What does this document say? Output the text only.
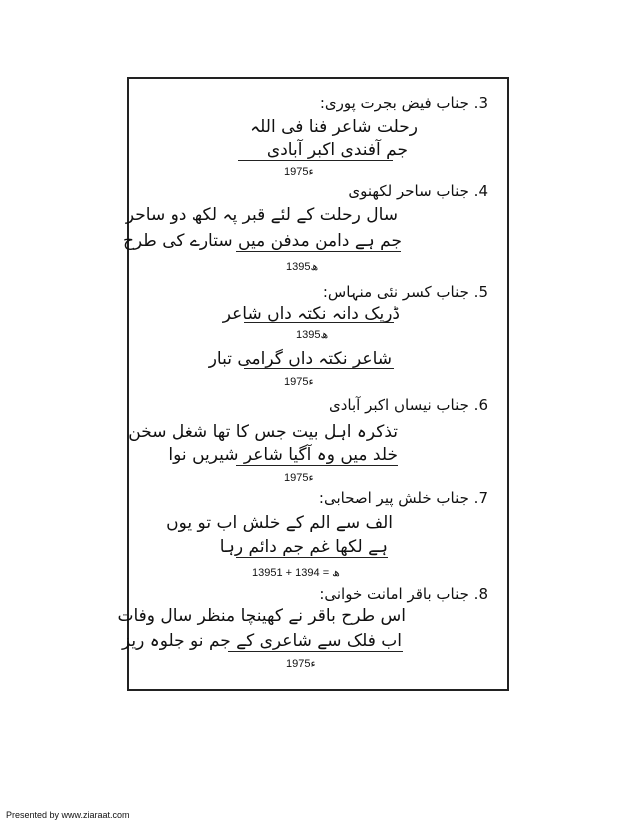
3. جناب فیض بجرت پوری:
رحلت شاعر فنا فی اللہ
جم آفندی اکبر آبادی
ء1975
4. جناب ساحر لکھنوی
سال رحلت کے لئے قبر پہ لکھ دو ساحر
جم ہے دامن مدفن میں ستارے کی طرح
1395ھ
5. جناب کسر نئی منہاس:
ڈریک دانہ نکتہ داں شاعر
1395ھ
شاعر نکتہ داں گرامی تبار
ء1975
6. جناب نیساں اکبر آبادی
تذکرہ اہل بیت جس کا تھا شغل سخن
خلد میں وہ آگیا شاعر شیریں نوا
ء1975
7. جناب خلش پیر اصحابی:
الف سے الم کے خلش اب تو یوں
ہے لکھا غم جم دائم رہا
1395ھ = 1394 + 1
8. جناب باقر امانت خوانی:
اس طرح باقر نے کھینچا منظر سال وفات
اب فلک سے شاعری کے جم نو جلوہ ریز
ء1975
Presented by www.ziaraat.com
